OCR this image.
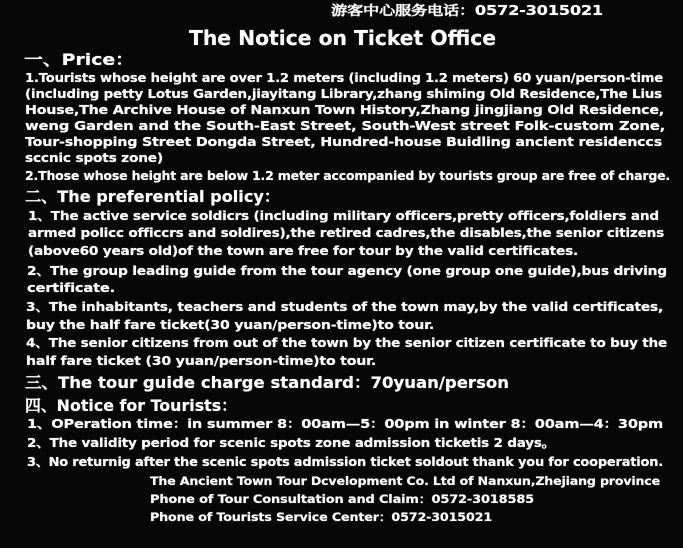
游客中心服务电话：0572-3015021
The Notice on Ticket Office
一、Price：
1.Tourists whose height are over 1.2 meters (including 1.2 meters) 60 yuan/person-time
(including petty Lotus Garden,jiayitang Library,zhang shiming Old Residence,The Lius
House,The Archive House of Nanxun Town History,Zhang jingjiang Old Residence,
weng Garden and the South-East Street, South-West street Folk-custom Zone,
Tour-shopping Street Dongda Street, Hundred-house Buidling ancient residenccs
sccnic spots zone)
2.Those whose height are below 1.2 meter accompanied by tourists group are free of charge.
二、The preferential policy：
1、The active service soldicrs (including military officers,pretty officers,foldiers and
armed policc officcrs and soldires),the retired cadres,the disables,the senior citizens
(above60 years old)of the town are free for tour by the valid certificates.
2、The group leading guide from the tour agency (one group one guide),bus driving
certificate.
3、The inhabitants, teachers and students of the town may,by the valid certificates,
buy the half fare ticket(30 yuan/person-time)to tour.
4、The senior citizens from out of the town by the senior citizen certificate to buy the
half fare ticket (30 yuan/person-time)to tour.
三、The tour guide charge standard：70yuan/person
四、Notice for Tourists：
1、OPeration time：in summer 8：00am—5：00pm in winter 8：00am—4：30pm
2、The validity period for scenic spots zone admission ticketis 2 days。
3、No returnig after the scenic spots admission ticket soldout thank you for cooperation.
The Ancient Town Tour Dcvelopment Co. Ltd of Nanxun,Zhejiang province
Phone of Tour Consultation and Claim：0572-3018585
Phone of Tourists Service Center：0572-3015021
